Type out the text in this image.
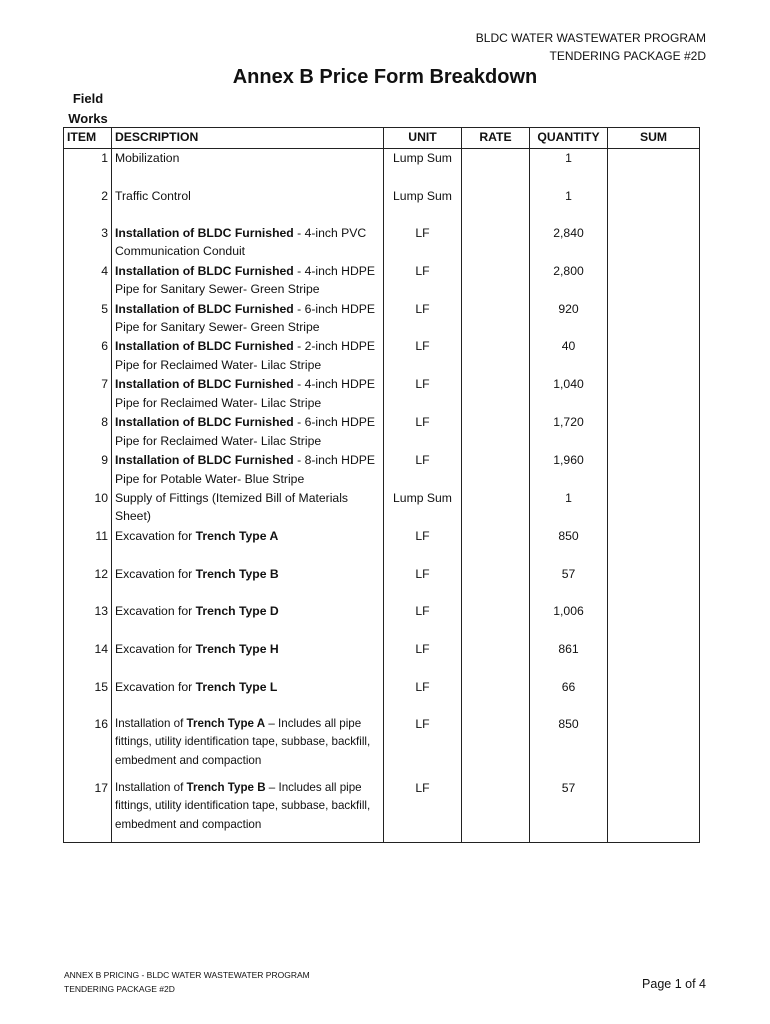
BLDC WATER WASTEWATER PROGRAM
TENDERING PACKAGE #2D
Annex B Price Form Breakdown
Field
Works
ITEM	DESCRIPTION	UNIT	RATE	QUANTITY	SUM
1	Mobilization	Lump Sum		1	
2	Traffic Control	Lump Sum		1	
3	Installation of BLDC Furnished - 4-inch PVC Communication Conduit	LF		2,840	
4	Installation of BLDC Furnished - 4-inch HDPE Pipe for Sanitary Sewer- Green Stripe	LF		2,800	
5	Installation of BLDC Furnished - 6-inch HDPE Pipe for Sanitary Sewer- Green Stripe	LF		920	
6	Installation of BLDC Furnished - 2-inch HDPE Pipe for Reclaimed Water- Lilac Stripe	LF		40	
7	Installation of BLDC Furnished - 4-inch HDPE Pipe for Reclaimed Water- Lilac Stripe	LF		1,040	
8	Installation of BLDC Furnished - 6-inch HDPE Pipe for Reclaimed Water- Lilac Stripe	LF		1,720	
9	Installation of BLDC Furnished - 8-inch HDPE Pipe for Potable Water- Blue Stripe	LF		1,960	
10	Supply of Fittings (Itemized Bill of Materials Sheet)	Lump Sum		1	
11	Excavation for Trench Type A	LF		850	
12	Excavation for Trench Type B	LF		57	
13	Excavation for Trench Type D	LF		1,006	
14	Excavation for Trench Type H	LF		861	
15	Excavation for Trench Type L	LF		66	
16	Installation of Trench Type A – Includes all pipe fittings, utility identification tape, subbase, backfill, embedment and compaction	LF		850	
17	Installation of Trench Type B – Includes all pipe fittings, utility identification tape, subbase, backfill, embedment and compaction	LF		57	
ANNEX B PRICING - BLDC WATER WASTEWATER PROGRAM
TENDERING PACKAGE #2D	Page 1 of 4
